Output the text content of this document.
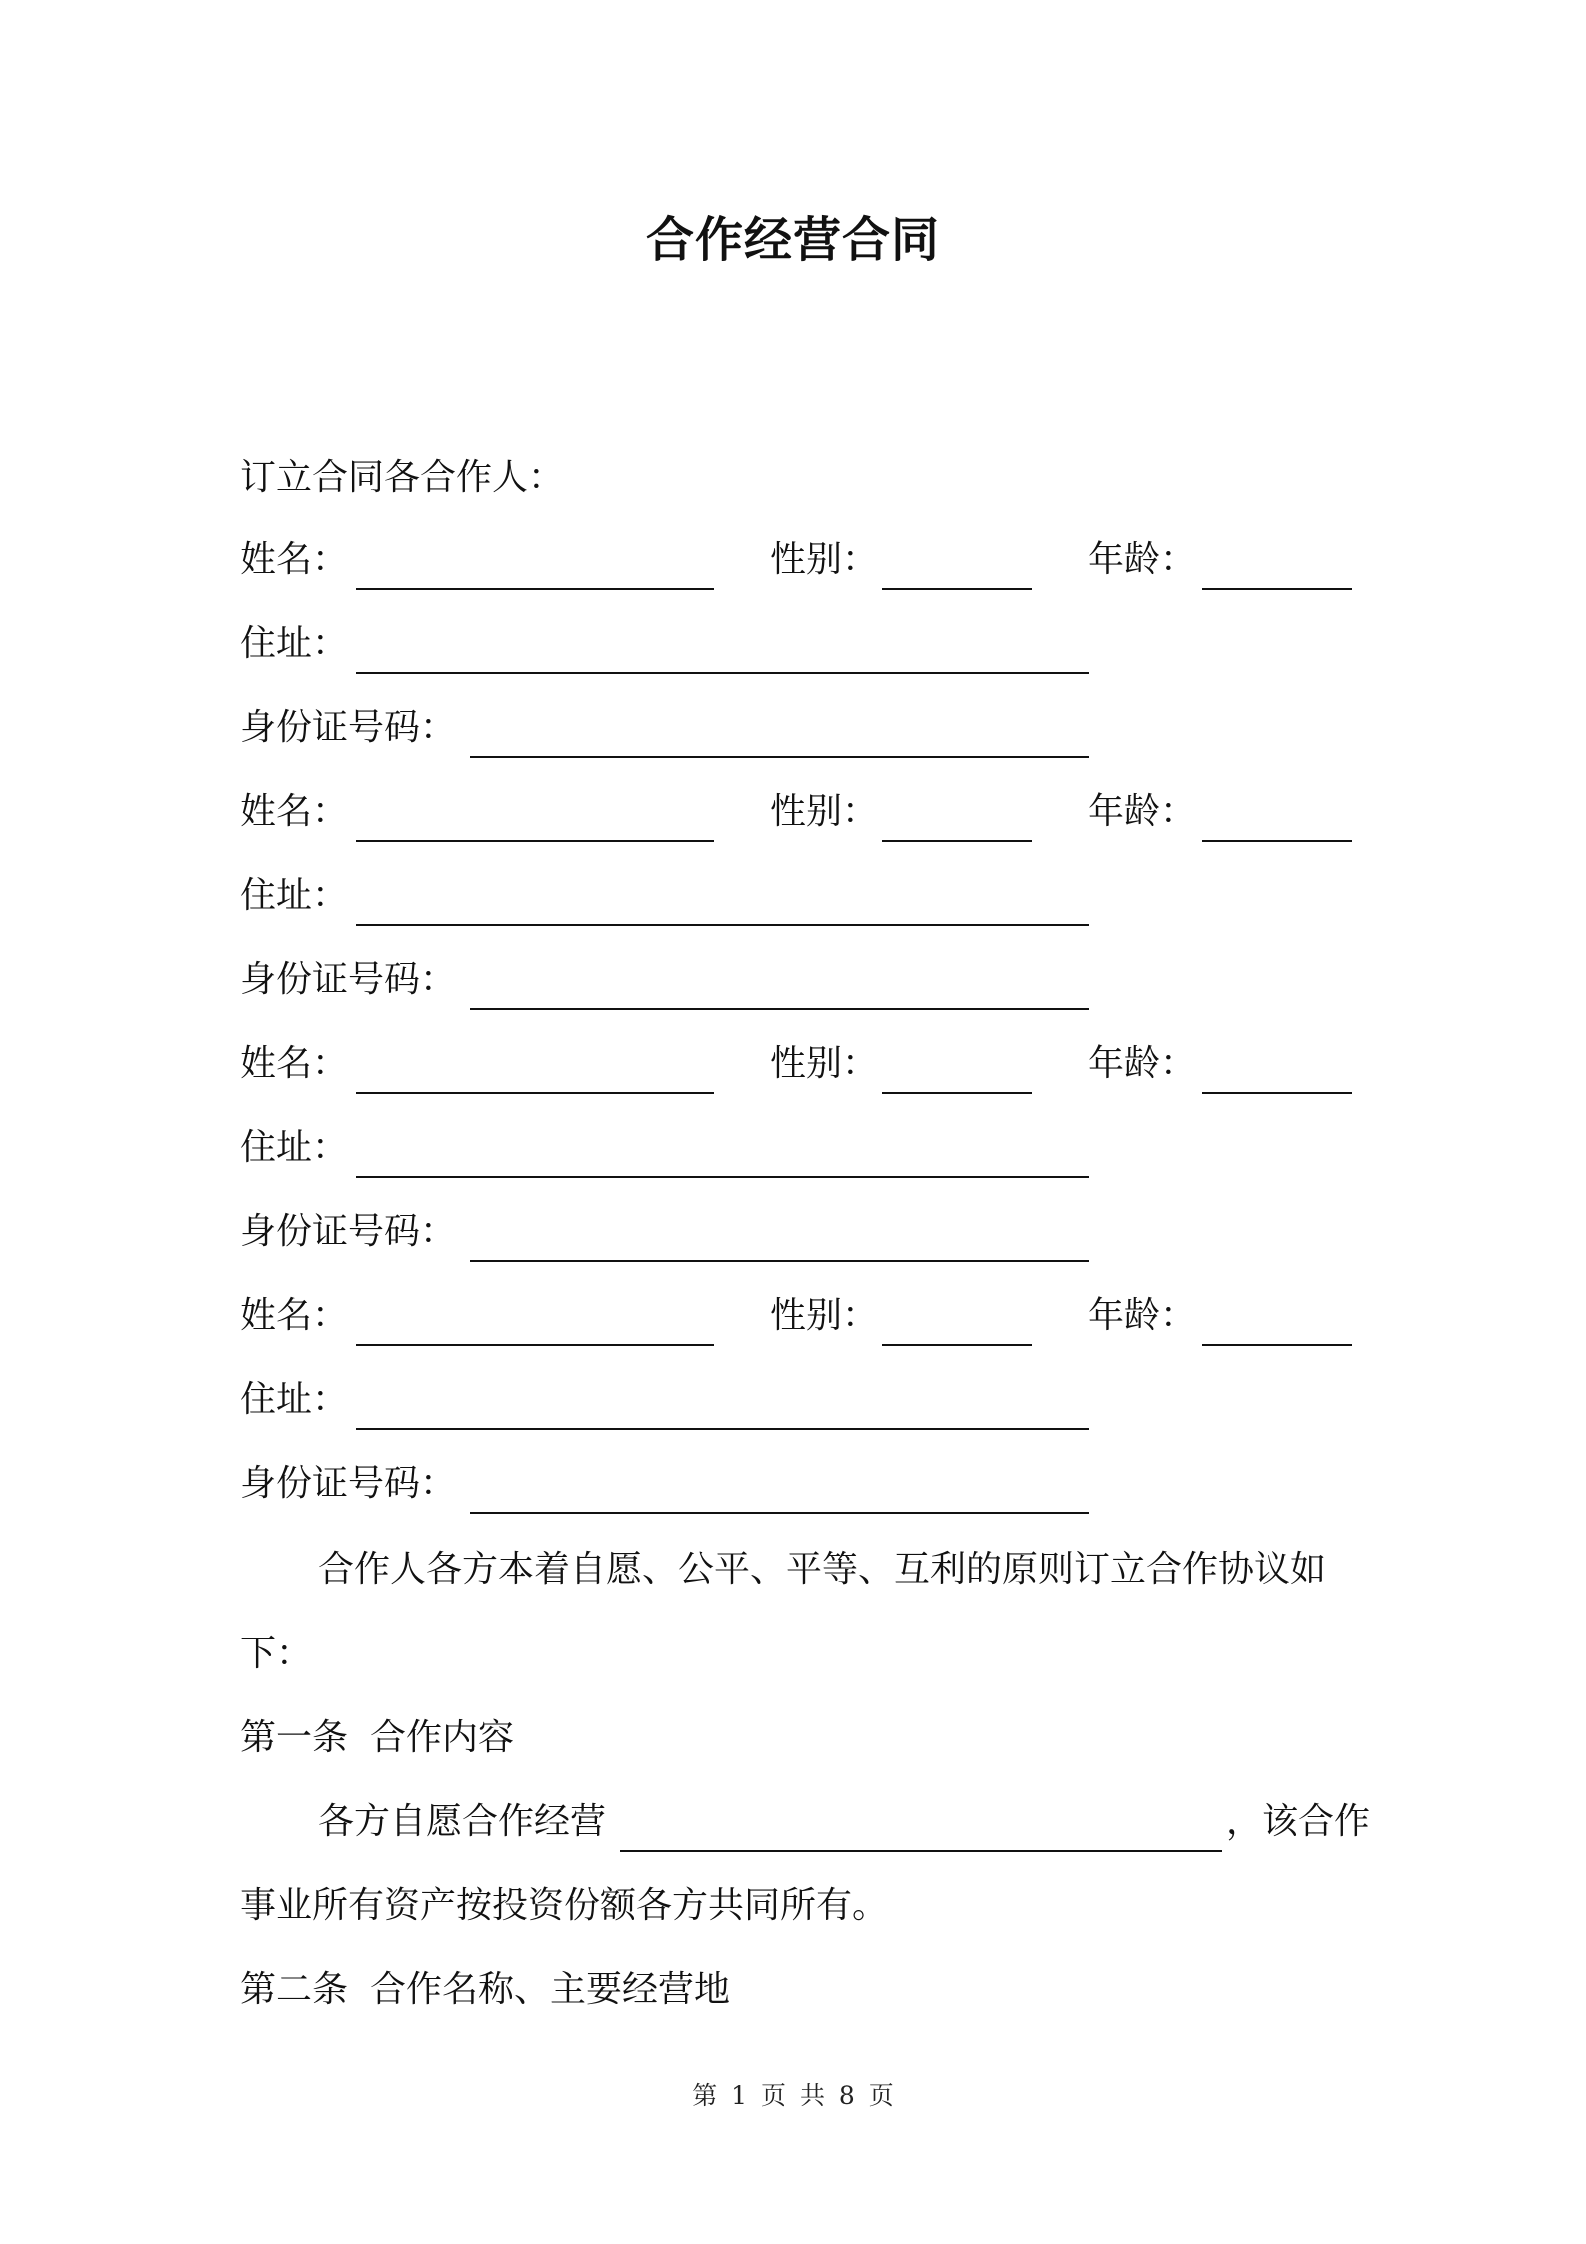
合作经营合同
订立合同各合作人：
姓名：	性别：	年龄：
住址：
身份证号码：
姓名：	性别：	年龄：
住址：
身份证号码：
姓名：	性别：	年龄：
住址：
身份证号码：
姓名：	性别：	年龄：
住址：
身份证号码：
合作人各方本着自愿、公平、平等、互利的原则订立合作协议如
下：
第一条 合作内容
各方自愿合作经营	，该合作
事业所有资产按投资份额各方共同所有。
第二条 合作名称、主要经营地
第 1 页 共 8 页
